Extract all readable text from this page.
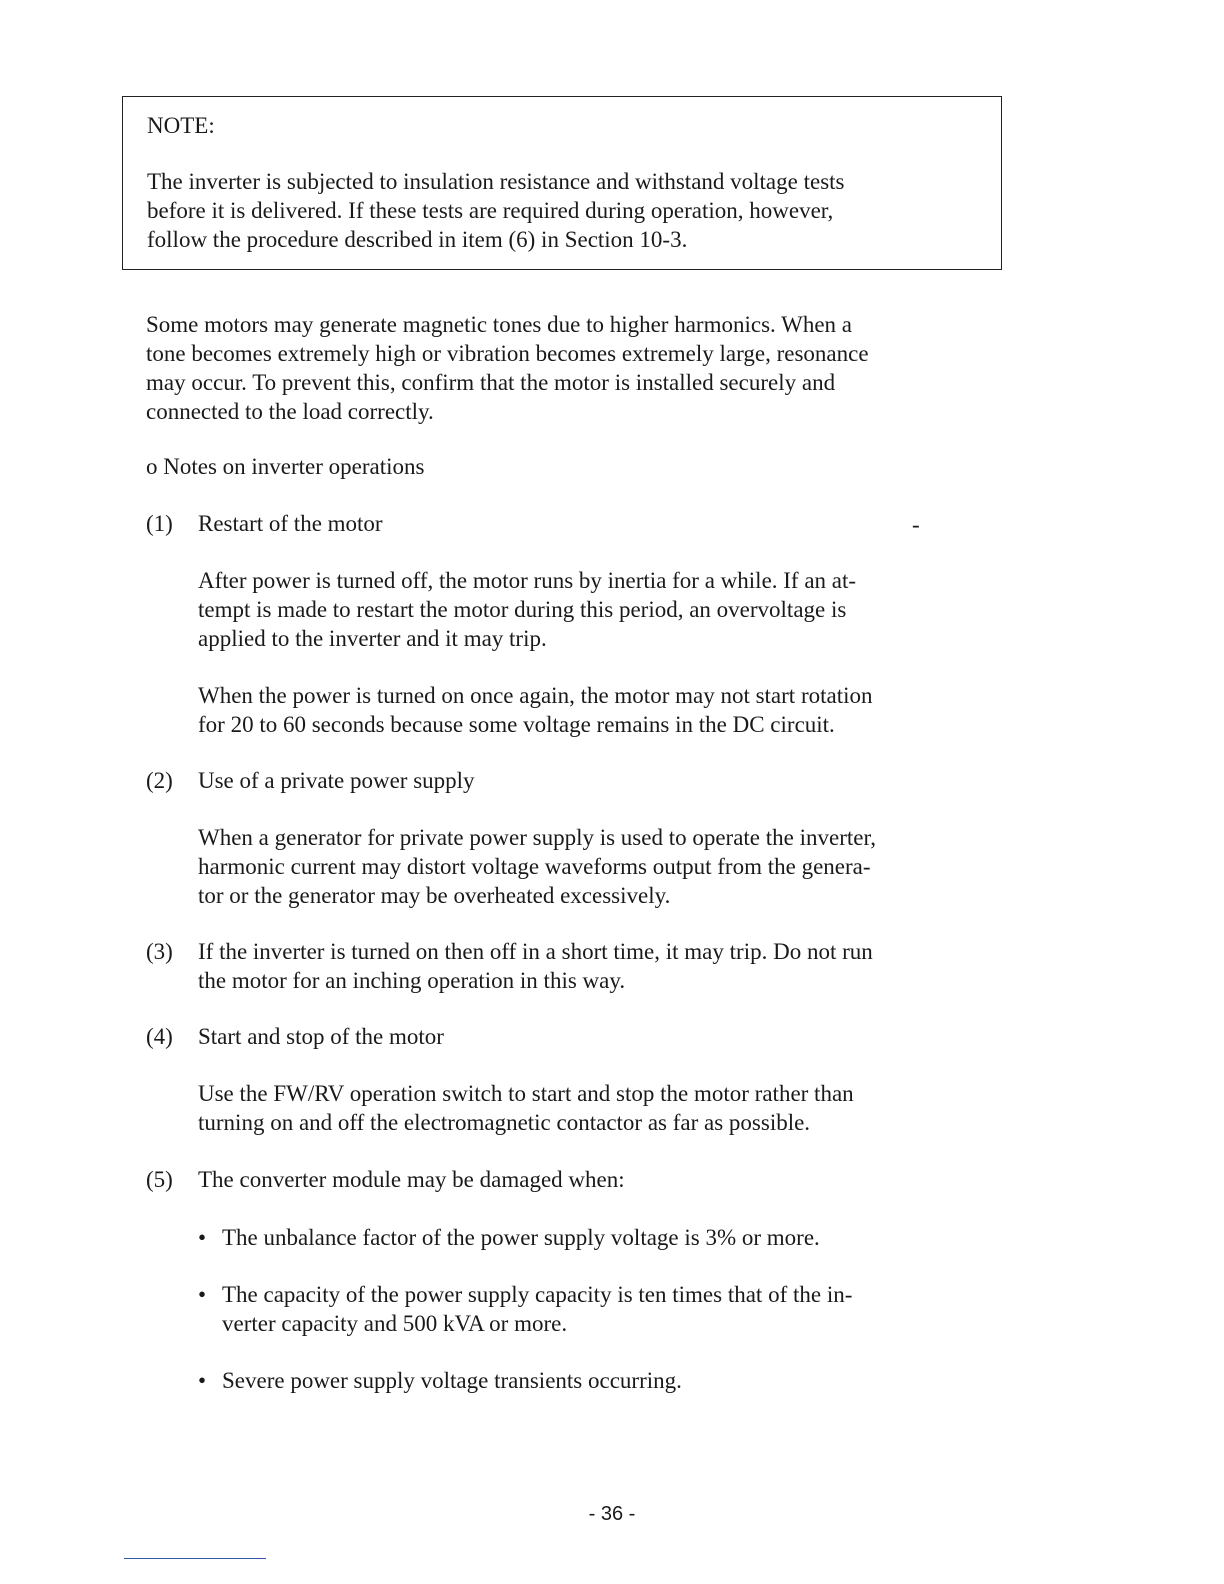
NOTE:
The inverter is subjected to insulation resistance and withstand voltage tests
before it is delivered. If these tests are required during operation, however,
follow the procedure described in item (6) in Section 10-3.
Some motors may generate magnetic tones due to higher harmonics. When a
tone becomes extremely high or vibration becomes extremely large, resonance
may occur. To prevent this, confirm that the motor is installed securely and
connected to the load correctly.
o Notes on inverter operations
(1) Restart of the motor	-
After power is turned off, the motor runs by inertia for a while. If an at-
tempt is made to restart the motor during this period, an overvoltage is
applied to the inverter and it may trip.
When the power is turned on once again, the motor may not start rotation
for 20 to 60 seconds because some voltage remains in the DC circuit.
(2) Use of a private power supply
When a generator for private power supply is used to operate the inverter,
harmonic current may distort voltage waveforms output from the genera-
tor or the generator may be overheated excessively.
(3) If the inverter is turned on then off in a short time, it may trip. Do not run
the motor for an inching operation in this way.
(4) Start and stop of the motor
Use the FW/RV operation switch to start and stop the motor rather than
turning on and off the electromagnetic contactor as far as possible.
(5) The converter module may be damaged when:
• The unbalance factor of the power supply voltage is 3% or more.
• The capacity of the power supply capacity is ten times that of the in-
verter capacity and 500 kVA or more.
• Severe power supply voltage transients occurring.
- 36 -
